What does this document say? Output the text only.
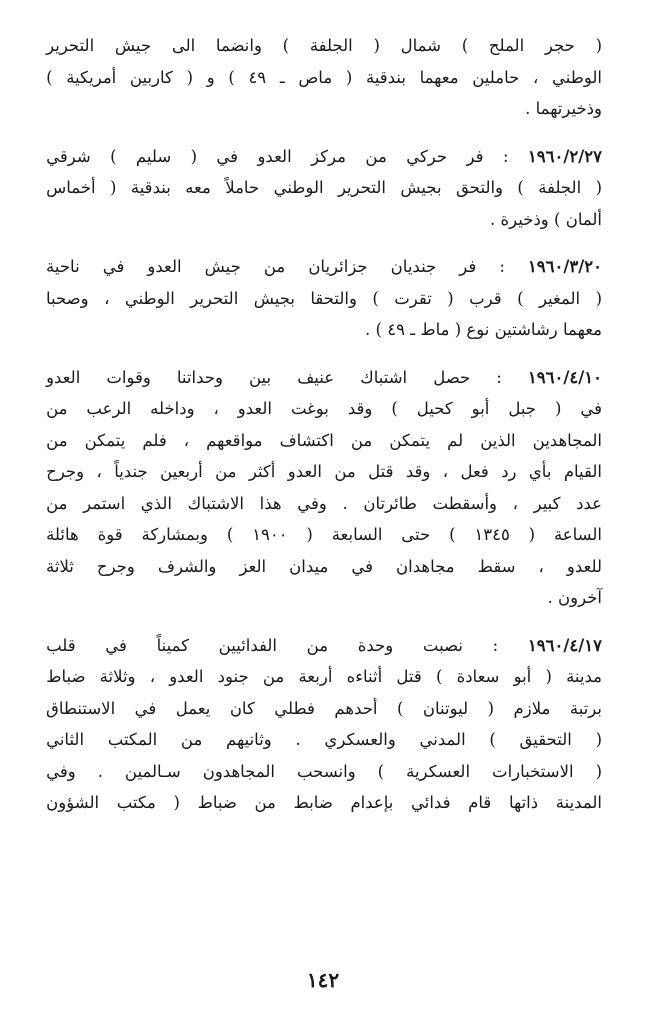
(
حجر
الملح
)
شمال
(
الجلفة
)
وانضما
الى
جيش
التحرير
الوطني
،
حاملين
معهما
بندقية
(
ماص
ـ
٤٩
)
و
(
كاربين
أمريكية
)
وذخيرتهما

.
١٩٦٠/٢/٢٧
:
فر
حركي
من
مركز
العدو
في
(
سليم
)
شرقي
(
الجلفة
)
والتحق
بجيش
التحرير
الوطني
حاملاً
معه
بندقية
(
أخماس
ألمان

)

وذخيرة

.
١٩٦٠/٣/٢٠
:
فر
جنديان
جزائريان
من
جيش
العدو
في
ناحية
(
المغير
)
قرب
(
تقرت
)
والتحقا
بجيش
التحرير
الوطني
،
وصحبا
معهما

رشاشتين

نوع

(

ماط

ـ

٤٩

)

.
١٩٦٠/٤/١٠
:
حصل
اشتباك
عنيف
بين
وحداتنا
وقوات
العدو
في
(
جبل
أبو
كحيل
)
وقد
بوغت
العدو
،
وداخله
الرعب
من
المجاهدين
الذين
لم
يتمكن
من
اكتشاف
مواقعهم
،
فلم
يتمكن
من
القيام
بأي
رد
فعل
،
وقد
قتل
من
العدو
أكثر
من
أربعين
جندياً
،
وجرح
عدد
كبير
،
وأسقطت
طائرتان
.
وفي
هذا
الاشتباك
الذي
استمر
من
الساعة
(
١٣٤٥
)
حتى
السابعة
(
١٩٠٠
)
وبمشاركة
قوة
هائلة
للعدو
،
سقط
مجاهدان
في
ميدان
العز
والشرف
وجرح
ثلاثة
آخرون

.
١٩٦٠/٤/١٧
:
نصبت
وحدة
من
الفدائيين
كميناً
في
قلب
مدينة
(
أبو
سعادة
)
قتل
أثناءه
أربعة
من
جنود
العدو
،
وثلاثة
ضباط
برتبة
ملازم
(
ليوتنان
)
أحدهم
فطلي
كان
يعمل
في
الاستنطاق
(
التحقيق
)
المدني
والعسكري
.
وثانيهم
من
المكتب
الثاني
(
الاستخبارات
العسكرية
)
وانسحب
المجاهدون
سـالمين
.
وفي
المدينة
ذاتها
قام
فدائي
بإعدام
ضابط
من
ضباط
(
مكتب
الشؤون
١٤٢
